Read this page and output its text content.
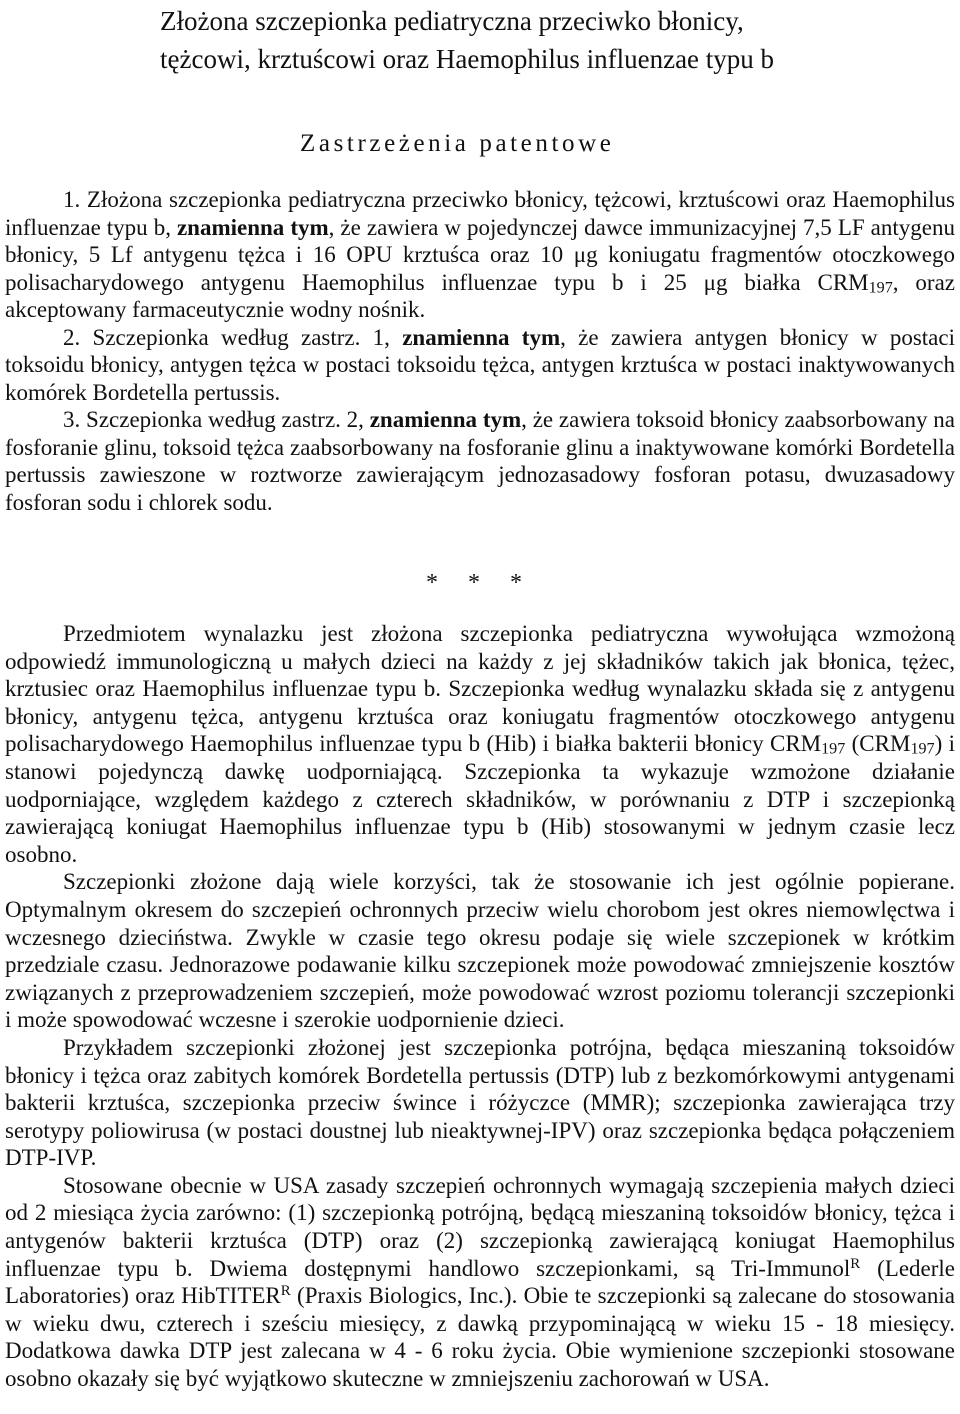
Złożona szczepionka pediatryczna przeciwko błonicy,
tężcowi, krztuścowi oraz Haemophilus influenzae typu b
Zastrzeżenia patentowe

1. Złożona szczepionka pediatryczna przeciwko błonicy, tężcowi, krztuścowi oraz Haemophilus influenzae typu b, znamienna tym, że zawiera w pojedynczej dawce immunizacyjnej 7,5 LF antygenu błonicy, 5 Lf antygenu tężca i 16 OPU krztuśca oraz 10 μg koniugatu fragmentów otoczkowego polisacharydowego antygenu Haemophilus influenzae typu b i 25 μg białka $CRM_{197}$, oraz akceptowany farmaceutycznie wodny nośnik.

2. Szczepionka według zastrz. 1, znamienna tym, że zawiera antygen błonicy w postaci toksoidu błonicy, antygen tężca w postaci toksoidu tężca, antygen krztuśca w postaci inaktywowanych komórek Bordetella pertussis.

3. Szczepionka według zastrz. 2, znamienna tym, że zawiera toksoid błonicy zaabsorbowany na fosforanie glinu, toksoid tężca zaabsorbowany na fosforanie glinu a inaktywowane komórki Bordetella pertussis zawieszone w roztworze zawierającym jednozasadowy fosforan potasu, dwuzasadowy fosforan sodu i chlorek sodu.

* * *

Przedmiotem wynalazku jest złożona szczepionka pediatryczna wywołująca wzmożoną odpowiedź immunologiczną u małych dzieci na każdy z jej składników takich jak błonica, tężec, krztusiec oraz Haemophilus influenzae typu b. Szczepionka według wynalazku składa się z antygenu błonicy, antygenu tężca, antygenu krztuśca oraz koniugatu fragmentów otoczkowego antygenu polisacharydowego Haemophilus influenzae typu b (Hib) i białka bakterii błonicy $CRM_{197}$ $(CRM_{197})$ i stanowi pojedynczą dawkę uodporniającą. Szczepionka ta wykazuje wzmożone działanie uodporniające, względem każdego z czterech składników, w porównaniu z DTP i szczepionką zawierającą koniugat Haemophilus influenzae typu b (Hib) stosowanymi w jednym czasie lecz osobno.

Szczepionki złożone dają wiele korzyści, tak że stosowanie ich jest ogólnie popierane. Optymalnym okresem do szczepień ochronnych przeciw wielu chorobom jest okres niemowlęctwa i wczesnego dzieciństwa. Zwykle w czasie tego okresu podaje się wiele szczepionek w krótkim przedziale czasu. Jednorazowe podawanie kilku szczepionek może powodować zmniejszenie kosztów związanych z przeprowadzeniem szczepień, może powodować wzrost poziomu tolerancji szczepionki i może spowodować wczesne i szerokie uodpornienie dzieci.

Przykładem szczepionki złożonej jest szczepionka potrójna, będąca mieszaniną toksoidów błonicy i tężca oraz zabitych komórek Bordetella pertussis (DTP) lub z bezkomórkowymi antygenami bakterii krztuśca, szczepionka przeciw śwince i różyczce (MMR); szczepionka zawierająca trzy serotypy poliowirusa (w postaci doustnej lub nieaktywnej-IPV) oraz szczepionka będąca połączeniem DTP-IVP.

Stosowane obecnie w USA zasady szczepień ochronnych wymagają szczepienia małych dzieci od 2 miesiąca życia zarówno: (1) szczepionką potrójną, będącą mieszaniną toksoidów błonicy, tężca i antygenów bakterii krztuśca (DTP) oraz (2) szczepionką zawierającą koniugat Haemophilus influenzae typu b. Dwiema dostępnymi handlowo szczepionkami, są Tri-Immunol$^R$ (Lederle Laboratories) oraz HibTITER$^R$ (Praxis Biologics, Inc.). Obie te szczepionki są zalecane do stosowania w wieku dwu, czterech i sześciu miesięcy, z dawką przypominającą w wieku 15 - 18 miesięcy. Dodatkowa dawka DTP jest zalecana w 4 - 6 roku życia. Obie wymienione szczepionki stosowane osobno okazały się być wyjątkowo skuteczne w zmniejszeniu zachorowań w USA.
